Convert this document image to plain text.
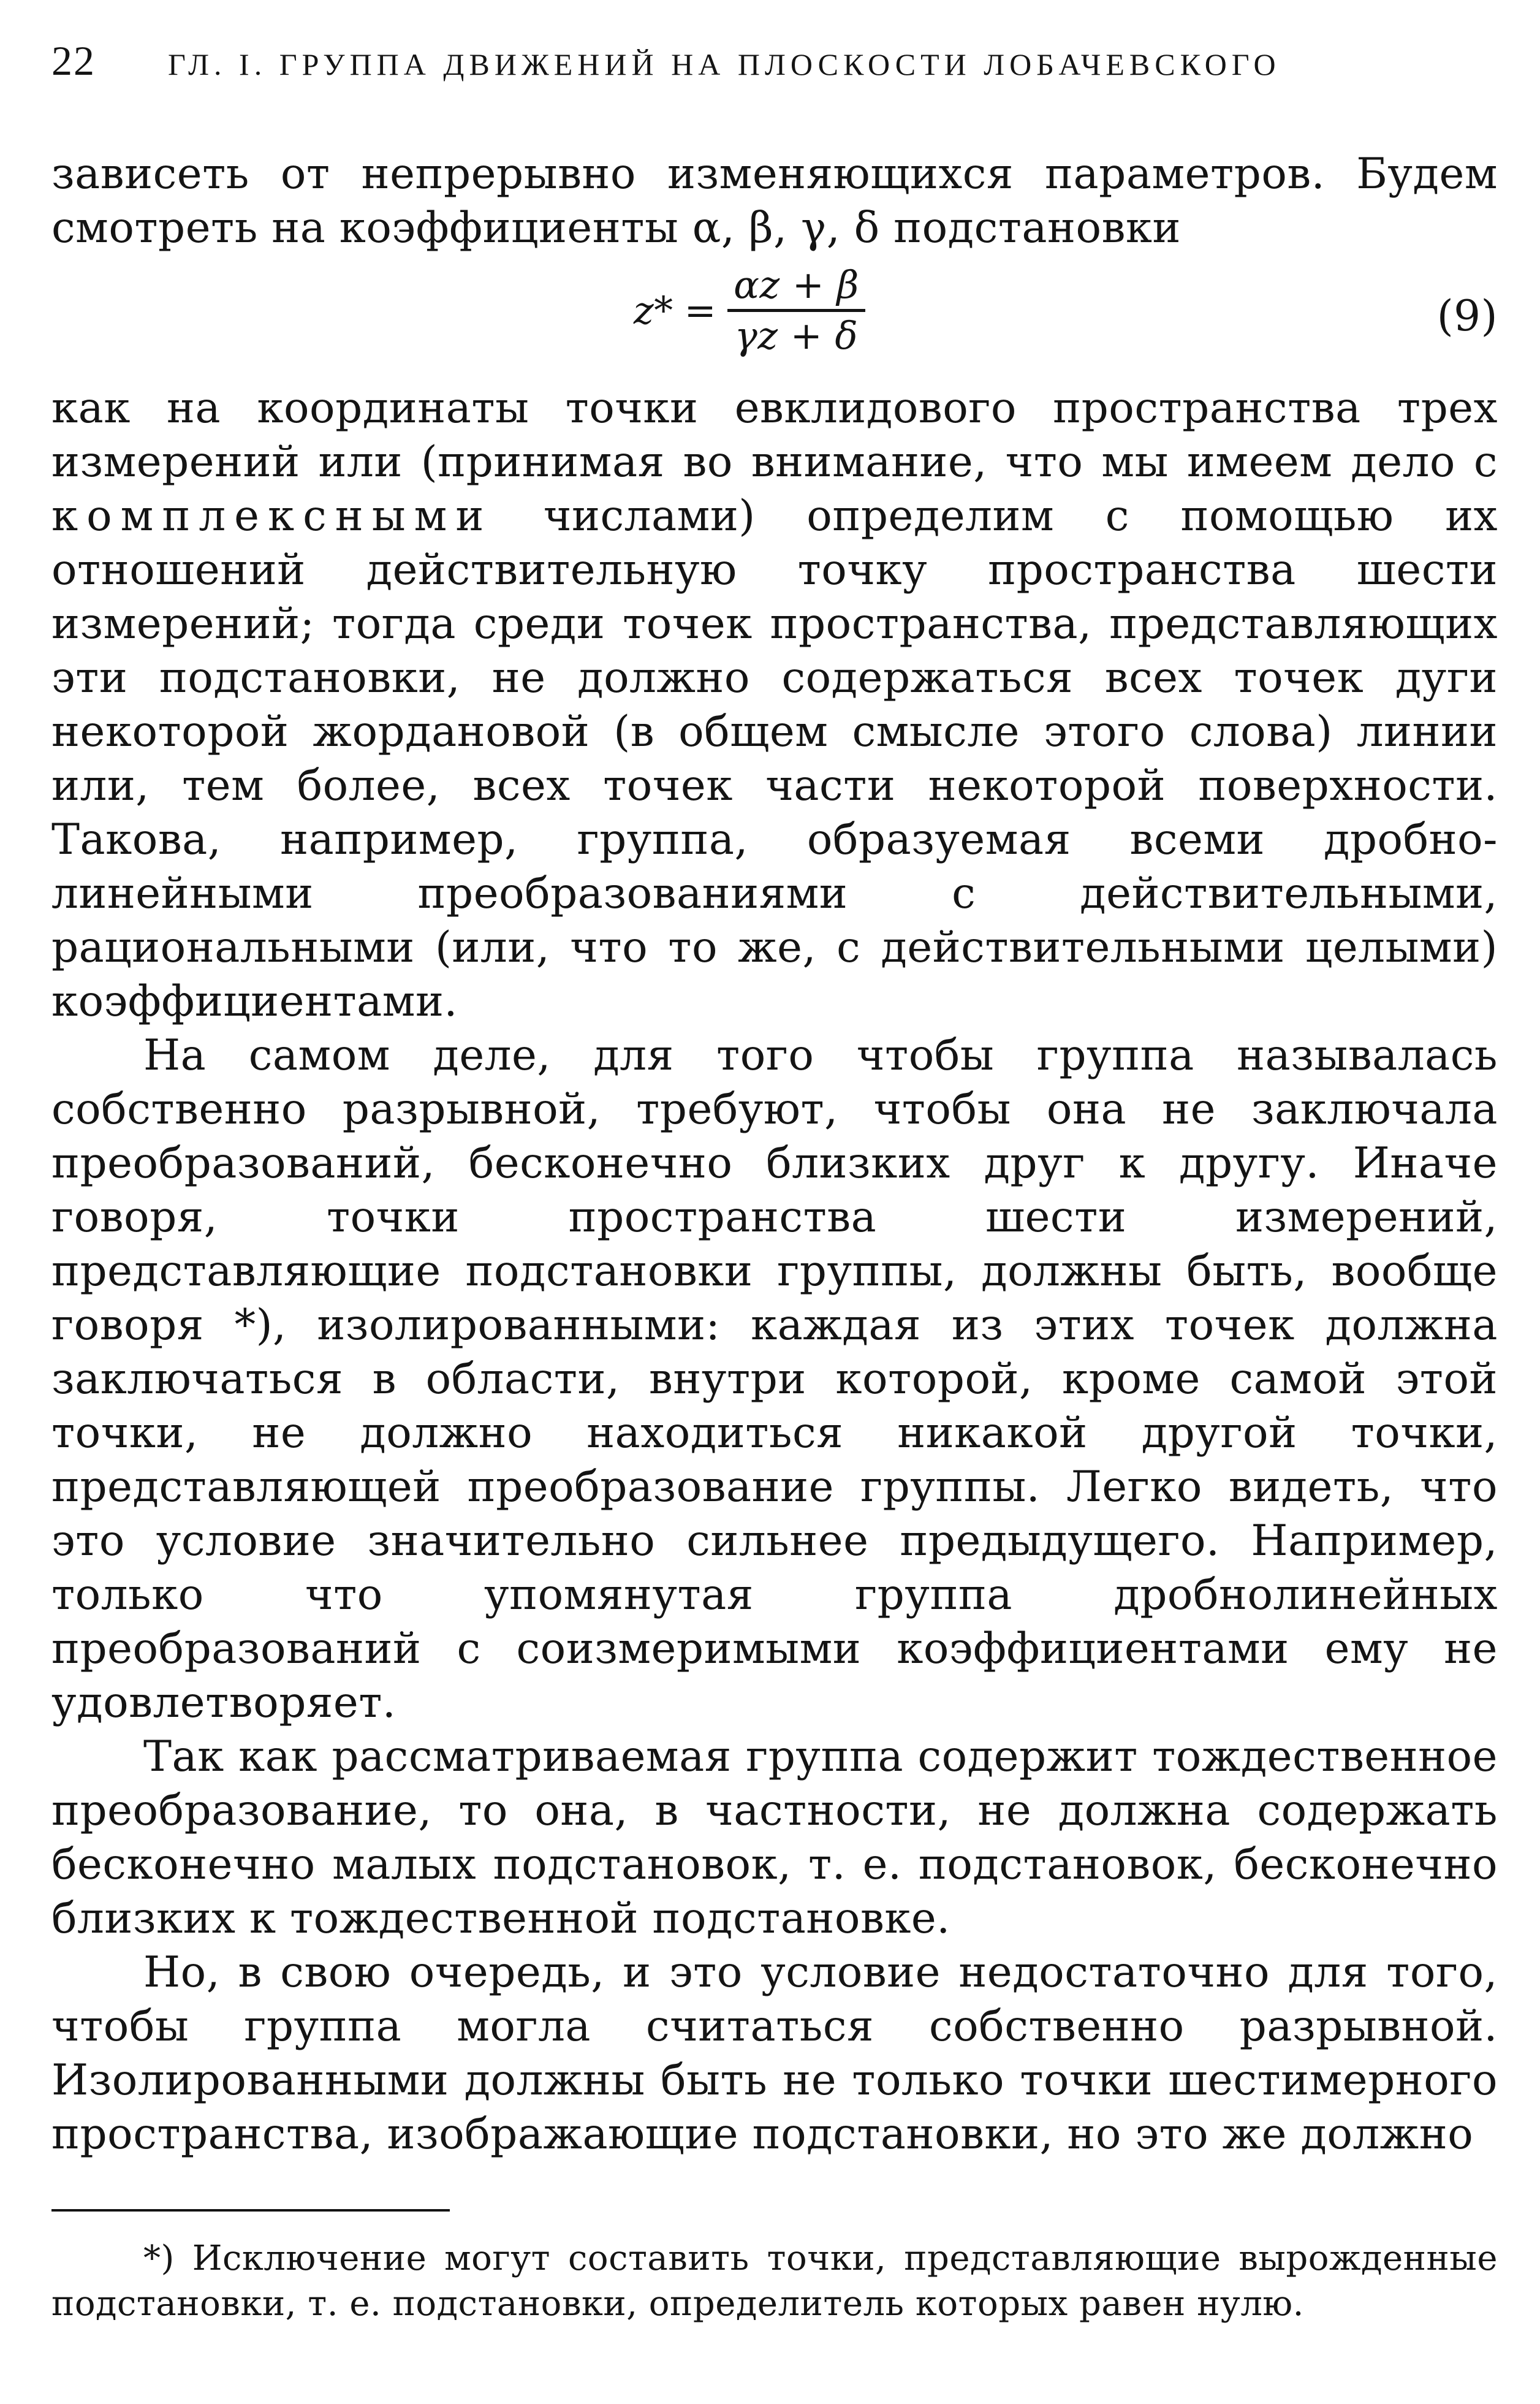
22	ГЛ. I. ГРУППА ДВИЖЕНИЙ НА ПЛОСКОСТИ ЛОБАЧЕВСКОГО

зависеть от непрерывно изменяющихся параметров. Будем смотреть на коэффициенты α, β, γ, δ подстановки

z* =
αz + β
γz + δ	(9)

как на координаты точки евклидового пространства трех измерений или (принимая во внимание, что мы имеем дело с комплексными числами) определим с помощью их отношений действительную точку пространства шести измерений; тогда среди точек пространства, представляющих эти подстановки, не должно содержаться всех точек дуги некоторой жордановой (в общем смысле этого слова) линии или, тем более, всех точек части некоторой поверхности. Такова, например, группа, образуемая всеми дробно-линейными преобразованиями с действительными, рациональными (или, что то же, с действительными целыми) коэффициентами.

На самом деле, для того чтобы группа называлась собственно разрывной, требуют, чтобы она не заключала преобразований, бесконечно близких друг к другу. Иначе говоря, точки пространства шести измерений, представляющие подстановки группы, должны быть, вообще говоря *), изолированными: каждая из этих точек должна заключаться в области, внутри которой, кроме самой этой точки, не должно находиться никакой другой точки, представляющей преобразование группы. Легко видеть, что это условие значительно сильнее предыдущего. Например, только что упомянутая группа дробнолинейных преобразований с соизмеримыми коэффициентами ему не удовлетворяет.

Так как рассматриваемая группа содержит тождественное преобразование, то она, в частности, не должна содержать бесконечно малых подстановок, т. е. подстановок, бесконечно близких к тождественной подстановке.

Но, в свою очередь, и это условие недостаточно для того, чтобы группа могла считаться собственно разрывной. Изолированными должны быть не только точки шестимерного пространства, изображающие подстановки, но это же должно

*) Исключение могут составить точки, представляющие вырожденные подстановки, т. е. подстановки, определитель которых равен нулю.
